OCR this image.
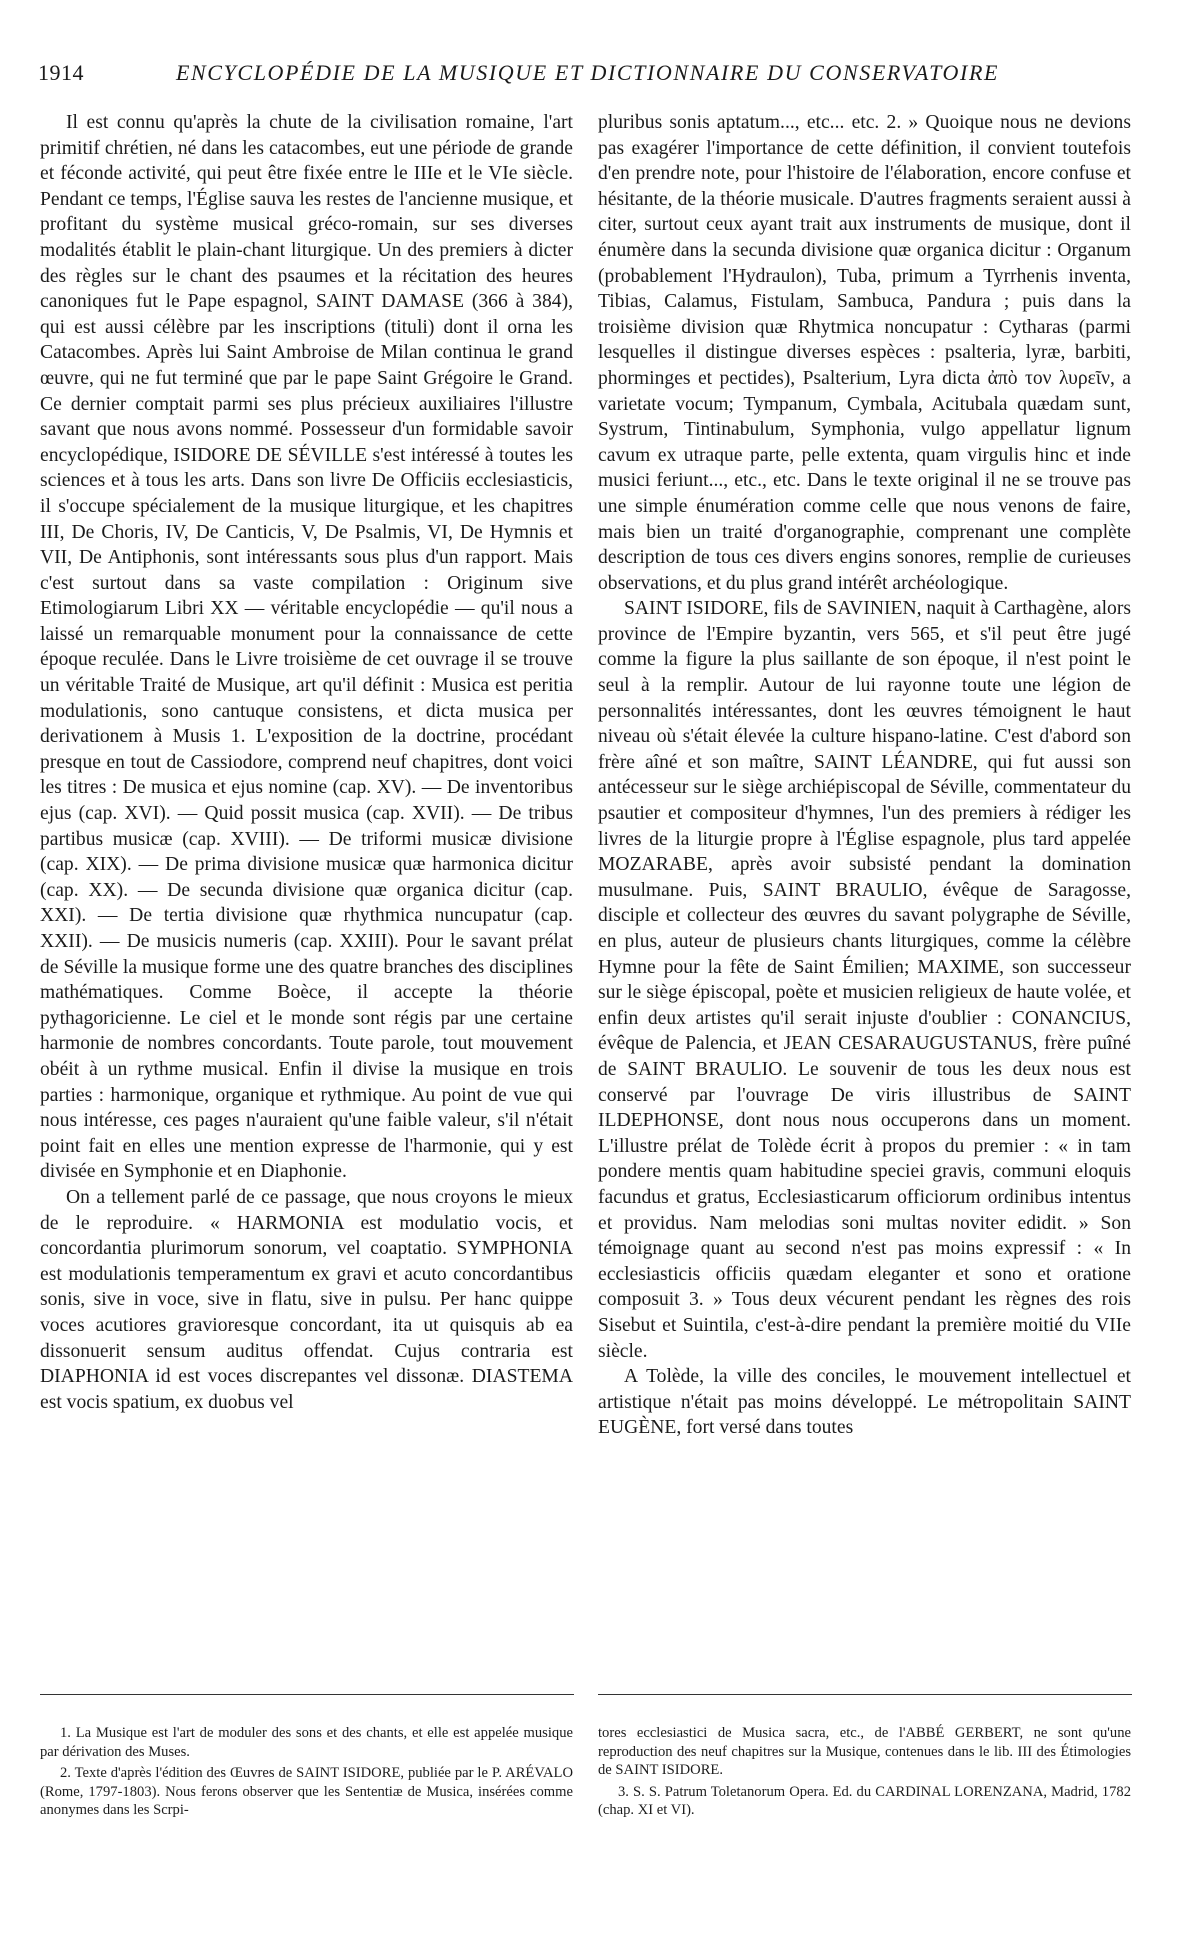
1914	ENCYCLOPÉDIE DE LA MUSIQUE ET DICTIONNAIRE DU CONSERVATOIRE

Il est connu qu'après la chute de la civilisation romaine, l'art primitif chrétien, né dans les catacombes, eut une période de grande et féconde activité, qui peut être fixée entre le IIIe et le VIe siècle. Pendant ce temps, l'Église sauva les restes de l'ancienne musique, et profitant du système musical gréco-romain, sur ses diverses modalités établit le plain-chant liturgique. Un des premiers à dicter des règles sur le chant des psaumes et la récitation des heures canoniques fut le Pape espagnol, SAINT DAMASE (366 à 384), qui est aussi célèbre par les inscriptions (tituli) dont il orna les Catacombes. Après lui Saint Ambroise de Milan continua le grand œuvre, qui ne fut terminé que par le pape Saint Grégoire le Grand. Ce dernier comptait parmi ses plus précieux auxiliaires l'illustre savant que nous avons nommé. Possesseur d'un formidable savoir encyclopédique, ISIDORE DE SÉVILLE s'est intéressé à toutes les sciences et à tous les arts. Dans son livre De Officiis ecclesiasticis, il s'occupe spécialement de la musique liturgique, et les chapitres III, De Choris, IV, De Canticis, V, De Psalmis, VI, De Hymnis et VII, De Antiphonis, sont intéressants sous plus d'un rapport. Mais c'est surtout dans sa vaste compilation : Originum sive Etimologiarum Libri XX — véritable encyclopédie — qu'il nous a laissé un remarquable monument pour la connaissance de cette époque reculée. Dans le Livre troisième de cet ouvrage il se trouve un véritable Traité de Musique, art qu'il définit : Musica est peritia modulationis, sono cantuque consistens, et dicta musica per derivationem à Musis 1. L'exposition de la doctrine, procédant presque en tout de Cassiodore, comprend neuf chapitres, dont voici les titres : De musica et ejus nomine (cap. XV). — De inventoribus ejus (cap. XVI). — Quid possit musica (cap. XVII). — De tribus partibus musicæ (cap. XVIII). — De triformi musicæ divisione (cap. XIX). — De prima divisione musicæ quæ harmonica dicitur (cap. XX). — De secunda divisione quæ organica dicitur (cap. XXI). — De tertia divisione quæ rhythmica nuncupatur (cap. XXII). — De musicis numeris (cap. XXIII). Pour le savant prélat de Séville la musique forme une des quatre branches des disciplines mathématiques. Comme Boèce, il accepte la théorie pythagoricienne. Le ciel et le monde sont régis par une certaine harmonie de nombres concordants. Toute parole, tout mouvement obéit à un rythme musical. Enfin il divise la musique en trois parties : harmonique, organique et rythmique. Au point de vue qui nous intéresse, ces pages n'auraient qu'une faible valeur, s'il n'était point fait en elles une mention expresse de l'harmonie, qui y est divisée en Symphonie et en Diaphonie.

On a tellement parlé de ce passage, que nous croyons le mieux de le reproduire. « HARMONIA est modulatio vocis, et concordantia plurimorum sonorum, vel coaptatio. SYMPHONIA est modulationis temperamentum ex gravi et acuto concordantibus sonis, sive in voce, sive in flatu, sive in pulsu. Per hanc quippe voces acutiores gravioresque concordant, ita ut quisquis ab ea dissonuerit sensum auditus offendat. Cujus contraria est DIAPHONIA id est voces discrepantes vel dissonæ. DIASTEMA est vocis spatium, ex duobus vel

pluribus sonis aptatum..., etc... etc. 2. » Quoique nous ne devions pas exagérer l'importance de cette définition, il convient toutefois d'en prendre note, pour l'histoire de l'élaboration, encore confuse et hésitante, de la théorie musicale. D'autres fragments seraient aussi à citer, surtout ceux ayant trait aux instruments de musique, dont il énumère dans la secunda divisione quæ organica dicitur : Organum (probablement l'Hydraulon), Tuba, primum a Tyrrhenis inventa, Tibias, Calamus, Fistulam, Sambuca, Pandura ; puis dans la troisième division quæ Rhytmica noncupatur : Cytharas (parmi lesquelles il distingue diverses espèces : psalteria, lyræ, barbiti, phorminges et pectides), Psalterium, Lyra dicta ἀπὸ τον λυρεῖν, a varietate vocum; Tympanum, Cymbala, Acitubala quædam sunt, Systrum, Tintinabulum, Symphonia, vulgo appellatur lignum cavum ex utraque parte, pelle extenta, quam virgulis hinc et inde musici feriunt..., etc., etc. Dans le texte original il ne se trouve pas une simple énumération comme celle que nous venons de faire, mais bien un traité d'organographie, comprenant une complète description de tous ces divers engins sonores, remplie de curieuses observations, et du plus grand intérêt archéologique.

SAINT ISIDORE, fils de SAVINIEN, naquit à Carthagène, alors province de l'Empire byzantin, vers 565, et s'il peut être jugé comme la figure la plus saillante de son époque, il n'est point le seul à la remplir. Autour de lui rayonne toute une légion de personnalités intéressantes, dont les œuvres témoignent le haut niveau où s'était élevée la culture hispano-latine. C'est d'abord son frère aîné et son maître, SAINT LÉANDRE, qui fut aussi son antécesseur sur le siège archiépiscopal de Séville, commentateur du psautier et compositeur d'hymnes, l'un des premiers à rédiger les livres de la liturgie propre à l'Église espagnole, plus tard appelée MOZARABE, après avoir subsisté pendant la domination musulmane. Puis, SAINT BRAULIO, évêque de Saragosse, disciple et collecteur des œuvres du savant polygraphe de Séville, en plus, auteur de plusieurs chants liturgiques, comme la célèbre Hymne pour la fête de Saint Émilien; MAXIME, son successeur sur le siège épiscopal, poète et musicien religieux de haute volée, et enfin deux artistes qu'il serait injuste d'oublier : CONANCIUS, évêque de Palencia, et JEAN CESARAUGUSTANUS, frère puîné de SAINT BRAULIO. Le souvenir de tous les deux nous est conservé par l'ouvrage De viris illustribus de SAINT ILDEPHONSE, dont nous nous occuperons dans un moment. L'illustre prélat de Tolède écrit à propos du premier : « in tam pondere mentis quam habitudine speciei gravis, communi eloquis facundus et gratus, Ecclesiasticarum officiorum ordinibus intentus et providus. Nam melodias soni multas noviter edidit. » Son témoignage quant au second n'est pas moins expressif : « In ecclesiasticis officiis quædam eleganter et sono et oratione composuit 3. » Tous deux vécurent pendant les règnes des rois Sisebut et Suintila, c'est-à-dire pendant la première moitié du VIIe siècle.

A Tolède, la ville des conciles, le mouvement intellectuel et artistique n'était pas moins développé. Le métropolitain SAINT EUGÈNE, fort versé dans toutes

1. La Musique est l'art de moduler des sons et des chants, et elle est appelée musique par dérivation des Muses.

2. Texte d'après l'édition des Œuvres de SAINT ISIDORE, publiée par le P. ARÉVALO (Rome, 1797-1803). Nous ferons observer que les Sententiæ de Musica, insérées comme anonymes dans les Scrpi-

tores ecclesiastici de Musica sacra, etc., de l'ABBÉ GERBERT, ne sont qu'une reproduction des neuf chapitres sur la Musique, contenues dans le lib. III des Étimologies de SAINT ISIDORE.

3. S. S. Patrum Toletanorum Opera. Ed. du CARDINAL LORENZANA, Madrid, 1782 (chap. XI et VI).
